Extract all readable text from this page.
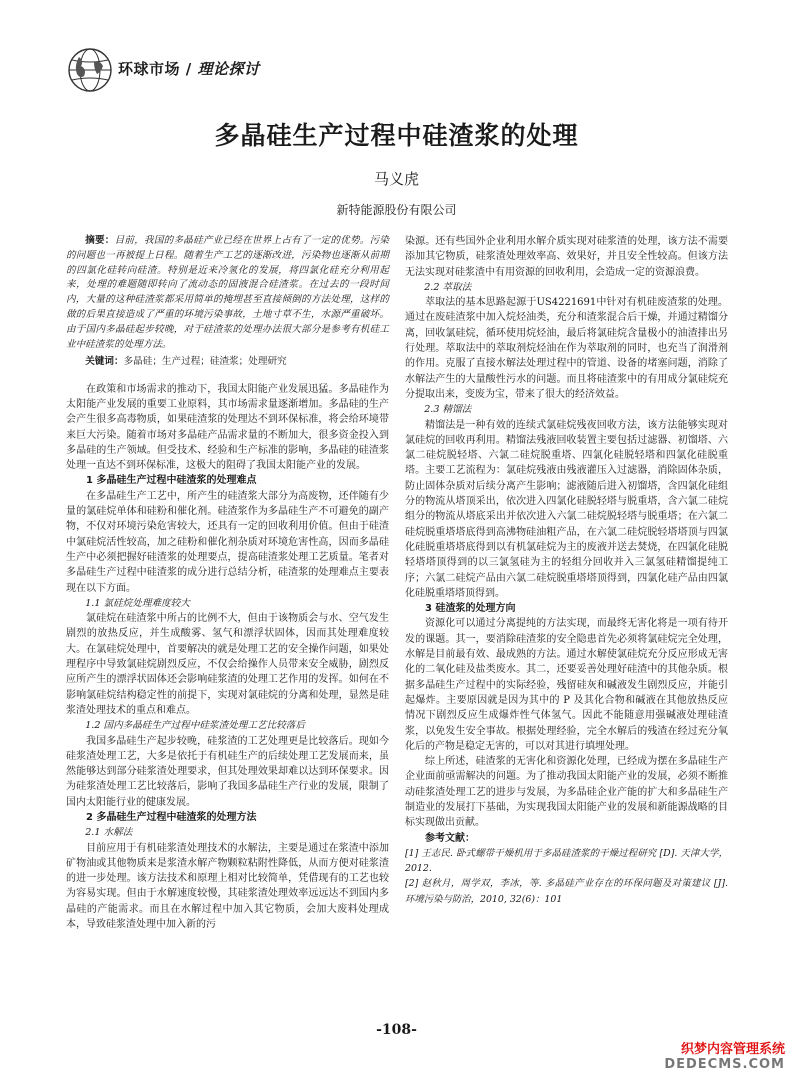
环球市场 / 理论探讨
多晶硅生产过程中硅渣浆的处理
马义虎
新特能源股份有限公司

摘要：目前，我国的多晶硅产业已经在世界上占有了一定的优势。污染的问题也一再被提上日程。随着生产工艺的逐渐改进，污染物也逐渐从前期的四氯化硅转向硅渣。特别是近来冷氢化的发展，将四氯化硅充分利用起来，处理的难题随即转向了流动态的固液混合硅渣浆。在过去的一段时间内，大量的这种硅渣浆都采用简单的掩埋甚至直接倾倒的方法处理，这样的做的后果直接造成了严重的环境污染事故，土地寸草不生，水源严重破坏。由于国内多晶硅起步较晚，对于硅渣浆的处理办法很大部分是参考有机硅工业中硅渣浆的处理方法。

关键词：多晶硅；生产过程；硅渣浆；处理研究

在政策和市场需求的推动下，我国太阳能产业发展迅猛。多晶硅作为太阳能产业发展的重要工业原料，其市场需求量逐渐增加。多晶硅的生产会产生很多高毒物质，如果硅渣浆的处理达不到环保标准，将会给环境带来巨大污染。随着市场对多晶硅产品需求量的不断加大，很多资金投入到多晶硅的生产领域。但受技术、经验和生产标准的影响，多晶硅的硅渣浆处理一直达不到环保标准，这极大的阻碍了我国太阳能产业的发展。

1 多晶硅生产过程中硅渣浆的处理难点

在多晶硅生产工艺中，所产生的硅渣浆大部分为高废物，还伴随有少量的氯硅烷单体和硅粉和催化剂。硅渣浆作为多晶硅生产不可避免的副产物，不仅对环境污染危害较大，还具有一定的回收利用价值。但由于硅渣中氯硅烷活性较高，加之硅粉和催化剂杂质对环境危害性高，因而多晶硅生产中必须把握好硅渣浆的处理要点，提高硅渣浆处理工艺质量。笔者对多晶硅生产过程中硅渣浆的成分进行总结分析，硅渣浆的处理难点主要表现在以下方面。

1.1 氯硅烷处理难度较大

氯硅烷在硅渣浆中所占的比例不大，但由于该物质会与水、空气发生剧烈的放热反应，并生成酸雾、氢气和漂浮状固体，因而其处理难度较大。在氯硅烷处理中，首要解决的就是处理工艺的安全操作问题，如果处理程序中导致氯硅烷剧烈反应，不仅会给操作人员带来安全威胁，剧烈反应所产生的漂浮状固体还会影响硅浆渣的处理工艺作用的发挥。如何在不影响氯硅烷结构稳定性的前提下，实现对氯硅烷的分离和处理，显然是硅浆渣处理技术的重点和难点。

1.2 国内多晶硅生产过程中硅浆渣处理工艺比较落后

我国多晶硅生产起步较晚，硅浆渣的工艺处理更是比较落后。现如今硅浆渣处理工艺，大多是依托于有机硅生产的后续处理工艺发展而来，虽然能够达到部分硅浆渣处理要求，但其处理效果却难以达到环保要求。因为硅浆渣处理工艺比较落后，影响了我国多晶硅生产行业的发展，限制了国内太阳能行业的健康发展。

2 多晶硅生产过程中硅渣浆的处理方法

2.1 水解法

目前应用于有机硅浆渣处理技术的水解法，主要是通过在浆渣中添加矿物油或其他物质来是浆渣水解产物颗粒粘附性降低，从而方便对硅浆渣的进一步处理。该方法技术和原理上相对比较简单，凭借现有的工艺也较为容易实现。但由于水解速度较慢，其硅浆渣处理效率远远达不到国内多晶硅的产能需求。而且在水解过程中加入其它物质，会加大废料处理成本，导致硅浆渣处理中加入新的污

染源。还有些国外企业利用水解介质实现对硅浆渣的处理，该方法不需要添加其它物质，硅浆渣处理效率高、效果好，并且安全性较高。但该方法无法实现对硅浆渣中有用资源的回收利用，会造成一定的资源浪费。

2.2 萃取法

萃取法的基本思路起源于US4221691中针对有机硅废渣浆的处理。通过在废硅渣浆中加入烷烃油类，充分和渣浆混合后干燥，并通过精馏分离，回收氯硅烷，循环使用烷烃油，最后将氯硅烷含量极小的油渣排出另行处理。萃取法中的萃取剂烷烃油在作为萃取剂的同时，也充当了润滑剂的作用。克服了直接水解法处理过程中的管道、设备的堵塞问题，消除了水解法产生的大量酸性污水的问题。而且将硅渣浆中的有用成分氯硅烷充分提取出来，变废为宝，带来了很大的经济效益。

2.3 精馏法

精馏法是一种有效的连续式氯硅烷残夜回收方法，该方法能够实现对氯硅烷的回收再利用。精馏法残液回收装置主要包括过滤器、初馏塔、六氯二硅烷脱轻塔、六氯二硅烷脱重塔、四氯化硅脱轻塔和四氯化硅脱重塔。主要工艺流程为：氯硅烷残液由残液灌压入过滤器，消除固体杂质，防止固体杂质对后续分离产生影响；滤液随后进入初馏塔，含四氯化硅组分的物流从塔顶采出，依次进入四氯化硅脱轻塔与脱重塔，含六氯二硅烷组分的物流从塔底采出并依次进入六氯二硅烷脱轻塔与脱重塔；在六氯二硅烷脱重塔塔底得到高沸物硅油粗产品，在六氯二硅烷脱轻塔塔顶与四氯化硅脱重塔塔底得到以有机氯硅烷为主的废液并送去焚烧，在四氯化硅脱轻塔塔顶得到的以三氯氢硅为主的轻组分回收并入三氯氢硅精馏提纯工序；六氯二硅烷产品由六氯二硅烷脱重塔塔顶得到，四氯化硅产品由四氯化硅脱重塔塔顶得到。

3 硅渣浆的处理方向

资源化可以通过分离提纯的方法实现，而最终无害化将是一项有待开发的课题。其一，要消除硅渣浆的安全隐患首先必须将氯硅烷完全处理，水解是目前最有效、最成熟的方法。通过水解使氯硅烷充分反应形成无害化的二氧化硅及盐类废水。其二，还要妥善处理好硅渣中的其他杂质。根据多晶硅生产过程中的实际经验，残留硅灰和碱液发生剧烈反应，并能引起爆炸。主要原因就是因为其中的 P 及其化合物和碱液在其他放热反应情况下剧烈反应生成爆炸性气体氢气。因此不能随意用强碱液处理硅渣浆，以免发生安全事故。根据处理经验，完全水解后的残渣在经过充分氧化后的产物是稳定无害的，可以对其进行填埋处理。

综上所述，硅渣浆的无害化和资源化处理，已经成为摆在多晶硅生产企业面前亟需解决的问题。为了推动我国太阳能产业的发展，必须不断推动硅浆渣处理工艺的进步与发展，为多晶硅企业产能的扩大和多晶硅生产制造业的发展打下基础，为实现我国太阳能产业的发展和新能源战略的目标实现做出贡献。

参考文献：

[1] 王志民. 卧式螺带干燥机用于多晶硅渣浆的干燥过程研究 [D]. 天津大学，2012.

[2] 赵秋月，周学双，李冰，等. 多晶硅产业存在的环保问题及对策建议 [J]. 环境污染与防治，2010, 32(6)：101

-108-
织梦内容管理系统
DEDECMS.COM
